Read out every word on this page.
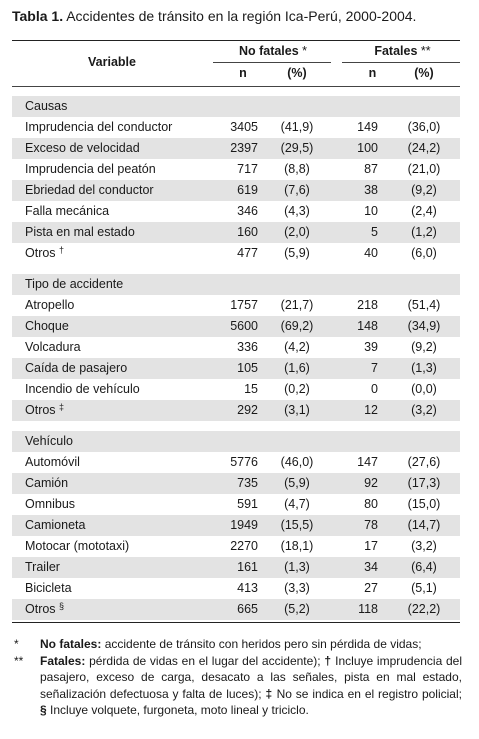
Tabla 1. Accidentes de tránsito en la región Ica-Perú, 2000-2004.
Variable
No fatales *	Fatales **
n	(%)	n	(%)
Causas
Imprudencia del conductor	3405	(41,9)	149	(36,0)
Exceso de velocidad	2397	(29,5)	100	(24,2)
Imprudencia del peatón	717	(8,8)	87	(21,0)
Ebriedad del conductor	619	(7,6)	38	(9,2)
Falla mecánica	346	(4,3)	10	(2,4)
Pista en mal estado	160	(2,0)	5	(1,2)
Otros †	477	(5,9)	40	(6,0)
Tipo de accidente
Atropello	1757	(21,7)	218	(51,4)
Choque	5600	(69,2)	148	(34,9)
Volcadura	336	(4,2)	39	(9,2)
Caída de pasajero	105	(1,6)	7	(1,3)
Incendio de vehículo	15	(0,2)	0	(0,0)
Otros ‡	292	(3,1)	12	(3,2)
Vehículo
Automóvil	5776	(46,0)	147	(27,6)
Camión	735	(5,9)	92	(17,3)
Omnibus	591	(4,7)	80	(15,0)
Camioneta	1949	(15,5)	78	(14,7)
Motocar (mototaxi)	2270	(18,1)	17	(3,2)
Trailer	161	(1,3)	34	(6,4)
Bicicleta	413	(3,3)	27	(5,1)
Otros §	665	(5,2)	118	(22,2)
* No fatales: accidente de tránsito con heridos pero sin pérdida de vidas;
** Fatales: pérdida de vidas en el lugar del accidente); † Incluye imprudencia del pasajero, exceso de carga, desacato a las señales, pista en mal estado, señalización defectuosa y falta de luces); ‡ No se indica en el registro policial; § Incluye volquete, furgoneta, moto lineal y triciclo.
